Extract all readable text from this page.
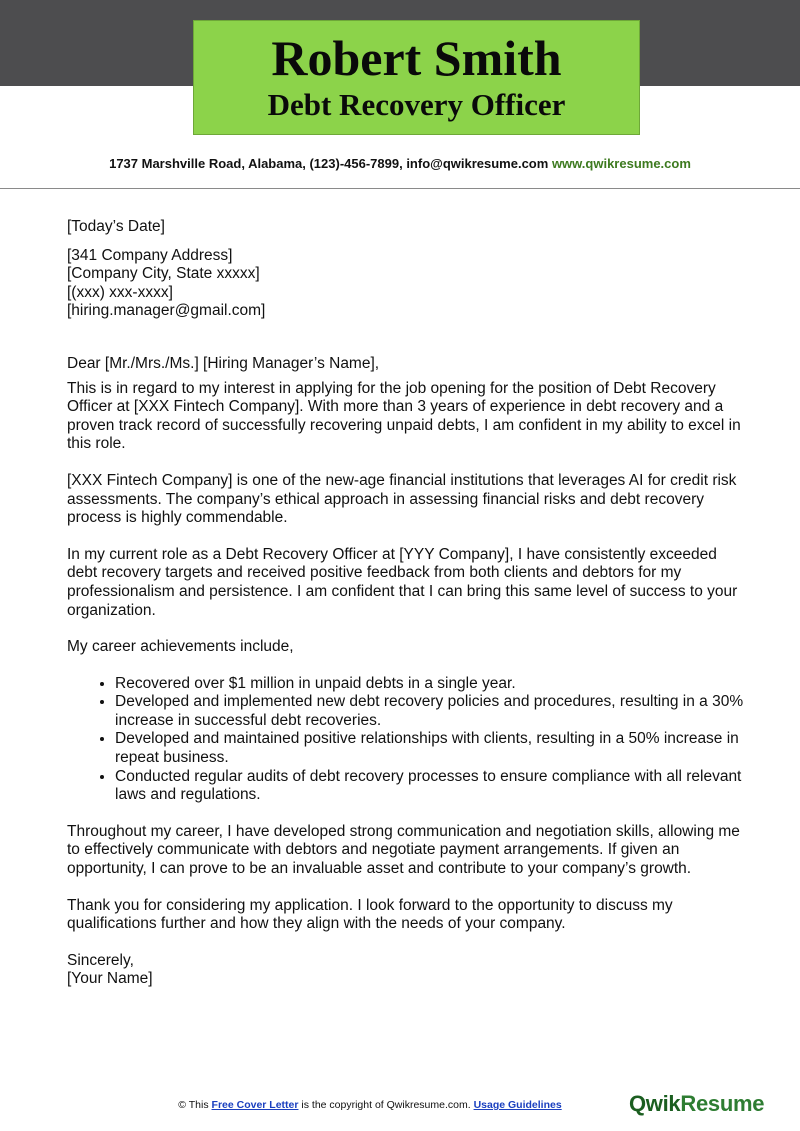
Robert Smith
Debt Recovery Officer
1737 Marshville Road, Alabama, (123)-456-7899, info@qwikresume.com www.qwikresume.com

[Today’s Date]

[341 Company Address]

[Company City, State xxxxx]

[(xxx) xxx-xxxx]

[hiring.manager@gmail.com]

Dear [Mr./Mrs./Ms.] [Hiring Manager’s Name],

This is in regard to my interest in applying for the job opening for the position of Debt Recovery Officer at [XXX Fintech Company]. With more than 3 years of experience in debt recovery and a proven track record of successfully recovering unpaid debts, I am confident in my ability to excel in this role.

[XXX Fintech Company] is one of the new-age financial institutions that leverages AI for credit risk assessments. The company’s ethical approach in assessing financial risks and debt recovery process is highly commendable.

In my current role as a Debt Recovery Officer at [YYY Company], I have consistently exceeded debt recovery targets and received positive feedback from both clients and debtors for my professionalism and persistence. I am confident that I can bring this same level of success to your organization.

My career achievements include,

• Recovered over $1 million in unpaid debts in a single year.
• Developed and implemented new debt recovery policies and procedures, resulting in a 30% increase in successful debt recoveries.
• Developed and maintained positive relationships with clients, resulting in a 50% increase in repeat business.
• Conducted regular audits of debt recovery processes to ensure compliance with all relevant laws and regulations.

Throughout my career, I have developed strong communication and negotiation skills, allowing me to effectively communicate with debtors and negotiate payment arrangements. If given an opportunity, I can prove to be an invaluable asset and contribute to your company’s growth.

Thank you for considering my application. I look forward to the opportunity to discuss my qualifications further and how they align with the needs of your company.

Sincerely,

[Your Name]

© This Free Cover Letter is the copyright of Qwikresume.com. Usage Guidelines	QwikResume
